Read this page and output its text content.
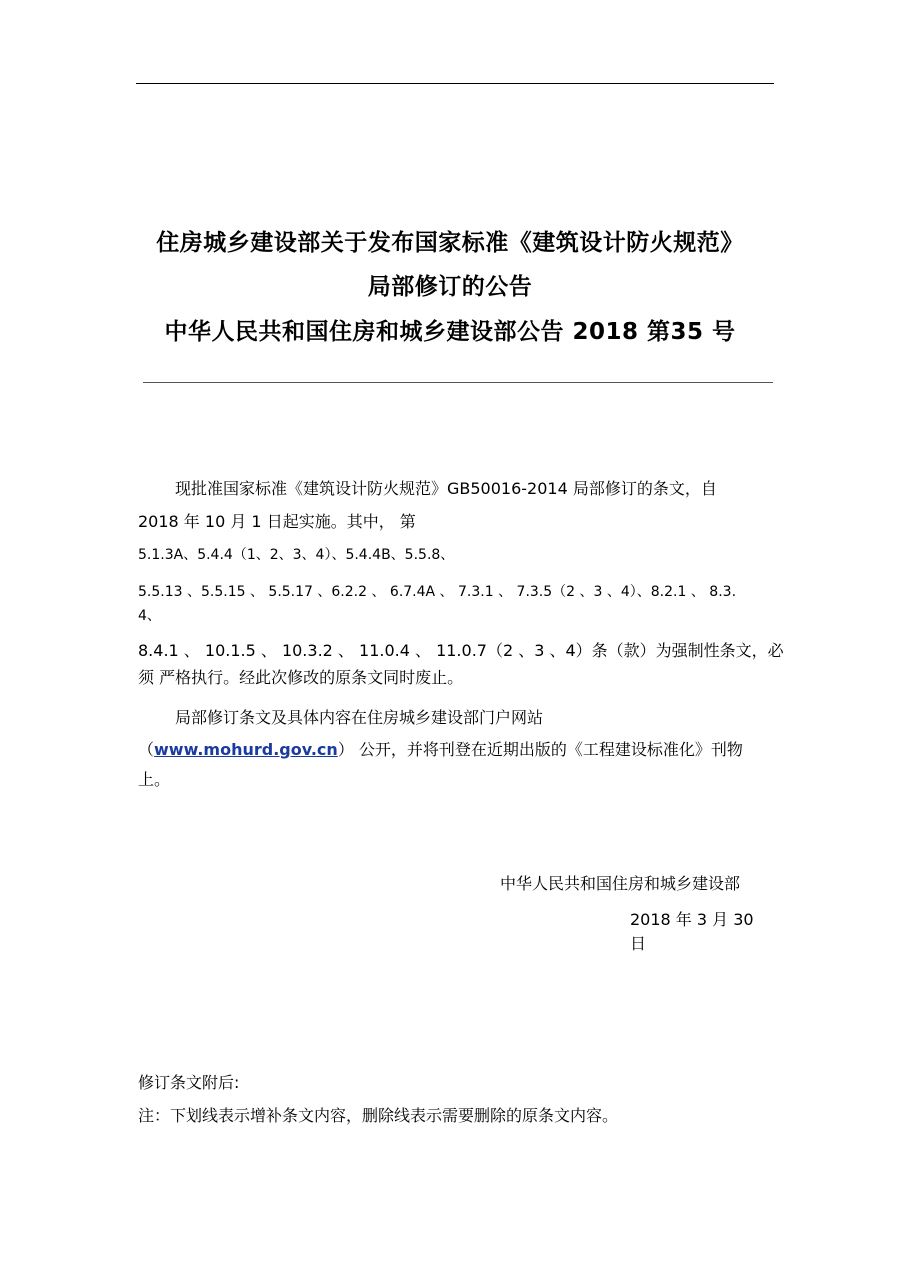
住房城乡建设部关于发布国家标准《建筑设计防火规范》
局部修订的公告
中华人民共和国住房和城乡建设部公告 2018 第35 号
现批准国家标准《建筑设计防火规范》GB50016-2014 局部修订的条文，自
2018 年 10 月 1 日起实施。其中， 第
5.1.3A、5.4.4（1、2、3、4）、5.4.4B、5.5.8、
5.5.13 、5.5.15 、 5.5.17 、6.2.2 、 6.7.4A 、 7.3.1 、 7.3.5（2 、3 、4）、8.2.1 、 8.3.
4、
8.4.1 、 10.1.5 、 10.3.2 、 11.0.4 、 11.0.7（2 、3 、4）条（款）为强制性条文，必
须 严格执行。经此次修改的原条文同时废止。
局部修订条文及具体内容在住房城乡建设部门户网站
（www.mohurd.gov.cn） 公开，并将刊登在近期出版的《工程建设标准化》刊物
上。
中华人民共和国住房和城乡建设部
2018 年 3 月 30
日
修订条文附后:
注：下划线表示增补条文内容，删除线表示需要删除的原条文内容。
